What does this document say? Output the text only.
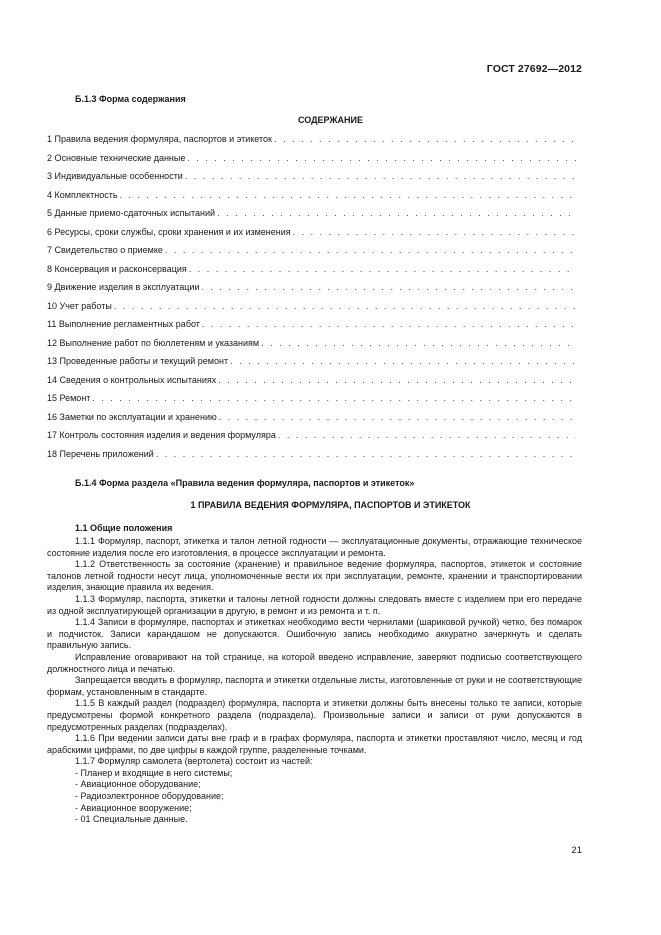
ГОСТ 27692—2012
Б.1.3 Форма содержания
СОДЕРЖАНИЕ
1 Правила ведения формуляра, паспортов и этикеток
. . .
2 Основные технические данные
. . .
3 Индивидуальные особенности
. . .
4 Комплектность
. . .
5 Данные приемо-сдаточных испытаний
. . .
6 Ресурсы, сроки службы, сроки хранения и их изменения
. . .
7 Свидетельство о приемке
. . .
8 Консервация и расконсервация
. . .
9 Движение изделия в эксплуатации
. . .
10 Учет работы
. . .
11 Выполнение регламентных работ
. . .
12 Выполнение работ по бюллетеням и указаниям
. . .
13 Проведенные работы и текущий ремонт
. . .
14 Сведения о контрольных испытаниях
. . .
15 Ремонт
. . .
16 Заметки по эксплуатации и хранению
. . .
17 Контроль состояния изделия и ведения формуляра
. . .
18 Перечень приложений
. . .
Б.1.4 Форма раздела «Правила ведения формуляра, паспортов и этикеток»
1 ПРАВИЛА ВЕДЕНИЯ ФОРМУЛЯРА, ПАСПОРТОВ И ЭТИКЕТОК
1.1 Общие положения

1.1.1 Формуляр, паспорт, этикетка и талон летной годности — эксплуатационные документы, отражающие техническое состояние изделия после его изготовления, в процессе эксплуатации и ремонта.

1.1.2 Ответственность за состояние (хранение) и правильное ведение формуляра, паспортов, этикеток и состояние талонов летной годности несут лица, уполномоченные вести их при эксплуатации, ремонте, хранении и транспортировании изделия, знающие правила их ведения.

1.1.3 Формуляр, паспорта, этикетки и талоны летной годности должны следовать вместе с изделием при его передаче из одной эксплуатирующей организации в другую, в ремонт и из ремонта и т. п.

1.1.4 Записи в формуляре, паспортах и этикетках необходимо вести чернилами (шариковой ручкой) четко, без помарок и подчисток. Записи карандашом не допускаются. Ошибочную запись необходимо аккуратно зачеркнуть и сделать правильную запись.

Исправление оговаривают на той странице, на которой введено исправление, заверяют подписью соответствующего должностного лица и печатью.

Запрещается вводить в формуляр, паспорта и этикетки отдельные листы, изготовленные от руки и не соответствующие формам, установленным в стандарте.

1.1.5 В каждый раздел (подраздел) формуляра, паспорта и этикетки должны быть внесены только те записи, которые предусмотрены формой конкретного раздела (подраздела). Произвольные записи и записи от руки допускаются в предусмотренных разделах (подразделах).

1.1.6 При ведении записи даты вне граф и в графах формуляра, паспорта и этикетки проставляют число, месяц и год арабскими цифрами, по две цифры в каждой группе, разделенные точками.

1.1.7 Формуляр самолета (вертолета) состоит из частей:

- Планер и входящие в него системы;

- Авиационное оборудование;

- Радиоэлектронное оборудование;

- Авиационное вооружение;

- 01 Специальные данные.

21
